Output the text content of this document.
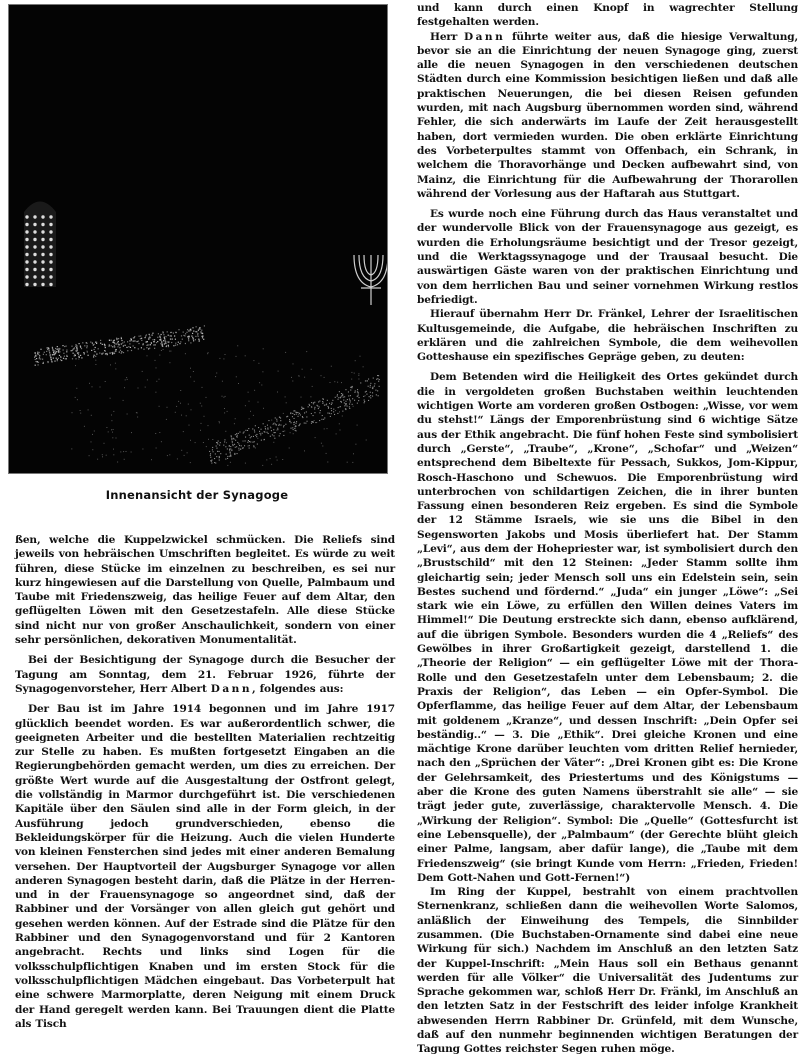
Innenansicht der Synagoge

ßen, welche die Kuppelzwickel schmücken. Die Reliefs sind jeweils von hebräischen Umschriften begleitet. Es würde zu weit führen, diese Stücke im einzelnen zu beschreiben, es sei nur kurz hingewiesen auf die Darstellung von Quelle, Palmbaum und Taube mit Friedenszweig, das heilige Feuer auf dem Altar, den geflügelten Löwen mit den Gesetzestafeln. Alle diese Stücke sind nicht nur von großer Anschaulichkeit, sondern von einer sehr persönlichen, dekorativen Monumentalität.

Bei der Besichtigung der Synagoge durch die Besucher der Tagung am Sonntag, dem 21. Februar 1926, führte der Synagogenvorsteher, Herr Albert Dann, folgendes aus:

Der Bau ist im Jahre 1914 begonnen und im Jahre 1917 glücklich beendet worden. Es war außerordentlich schwer, die geeigneten Arbeiter und die bestellten Materialien rechtzeitig zur Stelle zu haben. Es mußten fortgesetzt Eingaben an die Regierungbehörden gemacht werden, um dies zu erreichen. Der größte Wert wurde auf die Ausgestaltung der Ostfront gelegt, die vollständig in Marmor durchgeführt ist. Die verschiedenen Kapitäle über den Säulen sind alle in der Form gleich, in der Ausführung jedoch grundverschieden, ebenso die Bekleidungskörper für die Heizung. Auch die vielen Hunderte von kleinen Fensterchen sind jedes mit einer anderen Bemalung versehen. Der Hauptvorteil der Augsburger Synagoge vor allen anderen Synagogen besteht darin, daß die Plätze in der Herren- und in der Frauensynagoge so angeordnet sind, daß der Rabbiner und der Vorsänger von allen gleich gut gehört und gesehen werden können. Auf der Estrade sind die Plätze für den Rabbiner und den Synagogenvorstand und für 2 Kantoren angebracht. Rechts und links sind Logen für die volksschulpflichtigen Knaben und im ersten Stock für die volksschulpflichtigen Mädchen eingebaut. Das Vorbeterpult hat eine schwere Marmorplatte, deren Neigung mit einem Druck der Hand geregelt werden kann. Bei Trauungen dient die Platte als Tisch

und kann durch einen Knopf in wagrechter Stellung festgehalten werden.

Herr Dann führte weiter aus, daß die hiesige Verwaltung, bevor sie an die Einrichtung der neuen Synagoge ging, zuerst alle die neuen Synagogen in den verschiedenen deutschen Städten durch eine Kommission besichtigen ließen und daß alle praktischen Neuerungen, die bei diesen Reisen gefunden wurden, mit nach Augsburg übernommen worden sind, während Fehler, die sich anderwärts im Laufe der Zeit herausgestellt haben, dort vermieden wurden. Die oben erklärte Einrichtung des Vorbeterpultes stammt von Offenbach, ein Schrank, in welchem die Thoravorhänge und Decken aufbewahrt sind, von Mainz, die Einrichtung für die Aufbewahrung der Thorarollen während der Vorlesung aus der Haftarah aus Stuttgart.

Es wurde noch eine Führung durch das Haus veranstaltet und der wundervolle Blick von der Frauensynagoge aus gezeigt, es wurden die Erholungsräume besichtigt und der Tresor gezeigt, und die Werktagssynagoge und der Trausaal besucht. Die auswärtigen Gäste waren von der praktischen Einrichtung und von dem herrlichen Bau und seiner vornehmen Wirkung restlos befriedigt.

Hierauf übernahm Herr Dr. Fränkel, Lehrer der Israelitischen Kultusgemeinde, die Aufgabe, die hebräischen Inschriften zu erklären und die zahlreichen Symbole, die dem weihevollen Gotteshause ein spezifisches Gepräge geben, zu deuten:

Dem Betenden wird die Heiligkeit des Ortes gekündet durch die in vergoldeten großen Buchstaben weithin leuchtenden wichtigen Worte am vorderen großen Ostbogen: „Wisse, vor wem du stehst!“ Längs der Emporenbrüstung sind 6 wichtige Sätze aus der Ethik angebracht. Die fünf hohen Feste sind symbolisiert durch „Gerste“, „Traube“, „Krone“, „Schofar“ und „Weizen“ entsprechend dem Bibeltexte für Pessach, Sukkos, Jom-Kippur, Rosch-Haschono und Schewuos. Die Emporenbrüstung wird unterbrochen von schildartigen Zeichen, die in ihrer bunten Fassung einen besonderen Reiz ergeben. Es sind die Symbole der 12 Stämme Israels, wie sie uns die Bibel in den Segensworten Jakobs und Mosis überliefert hat. Der Stamm „Levi“, aus dem der Hohepriester war, ist symbolisiert durch den „Brustschild“ mit den 12 Steinen: „Jeder Stamm sollte ihm gleichartig sein; jeder Mensch soll uns ein Edelstein sein, sein Bestes suchend und fördernd.“ „Juda“ ein junger „Löwe“: „Sei stark wie ein Löwe, zu erfüllen den Willen deines Vaters im Himmel!“ Die Deutung erstreckte sich dann, ebenso aufklärend, auf die übrigen Symbole. Besonders wurden die 4 „Reliefs“ des Gewölbes in ihrer Großartigkeit gezeigt, darstellend 1. die „Theorie der Religion“ — ein geflügelter Löwe mit der Thora-Rolle und den Gesetzestafeln unter dem Lebensbaum; 2. die Praxis der Religion“, das Leben — ein Opfer-Symbol. Die Opferflamme, das heilige Feuer auf dem Altar, der Lebensbaum mit goldenem „Kranze“, und dessen Inschrift: „Dein Opfer sei beständig..“ — 3. Die „Ethik“. Drei gleiche Kronen und eine mächtige Krone darüber leuchten vom dritten Relief hernieder, nach den „Sprüchen der Väter“: „Drei Kronen gibt es: Die Krone der Gelehrsamkeit, des Priestertums und des Königstums — aber die Krone des guten Namens überstrahlt sie alle“ — sie trägt jeder gute, zuverlässige, charaktervolle Mensch. 4. Die „Wirkung der Religion“. Symbol: Die „Quelle“ (Gottesfurcht ist eine Lebensquelle), der „Palmbaum“ (der Gerechte blüht gleich einer Palme, langsam, aber dafür lange), die „Taube mit dem Friedenszweig“ (sie bringt Kunde vom Herrn: „Frieden, Frieden! Dem Gott-Nahen und Gott-Fernen!“)

Im Ring der Kuppel, bestrahlt von einem prachtvollen Sternenkranz, schließen dann die weihevollen Worte Salomos, anläßlich der Einweihung des Tempels, die Sinnbilder zusammen. (Die Buchstaben-Ornamente sind dabei eine neue Wirkung für sich.) Nachdem im Anschluß an den letzten Satz der Kuppel-Inschrift: „Mein Haus soll ein Bethaus genannt werden für alle Völker“ die Universalität des Judentums zur Sprache gekommen war, schloß Herr Dr. Fränkl, im Anschluß an den letzten Satz in der Festschrift des leider infolge Krankheit abwesenden Herrn Rabbiner Dr. Grünfeld, mit dem Wunsche, daß auf den nunmehr beginnenden wichtigen Beratungen der Tagung Gottes reichster Segen ruhen möge.
